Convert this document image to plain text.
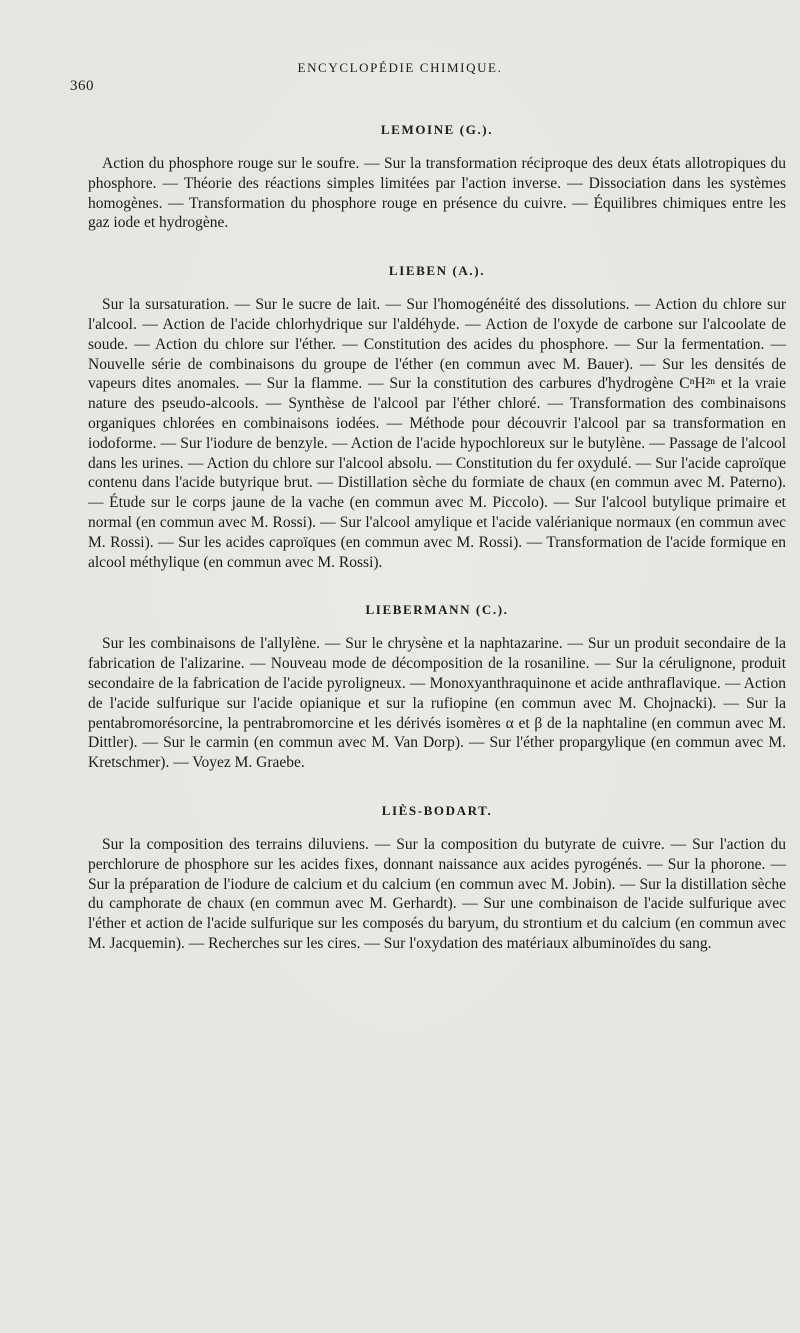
360
ENCYCLOPÉDIE CHIMIQUE.
LEMOINE (G.).

Action du phosphore rouge sur le soufre. — Sur la transformation réciproque des deux états allotropiques du phosphore. — Théorie des réactions simples limitées par l'action inverse. — Dissociation dans les systèmes homogènes. — Transformation du phosphore rouge en présence du cuivre. — Équilibres chimiques entre les gaz iode et hydrogène.

LIEBEN (A.).

Sur la sursaturation. — Sur le sucre de lait. — Sur l'homogénéité des dissolutions. — Action du chlore sur l'alcool. — Action de l'acide chlorhydrique sur l'aldéhyde. — Action de l'oxyde de carbone sur l'alcoolate de soude. — Action du chlore sur l'éther. — Constitution des acides du phosphore. — Sur la fermentation. — Nouvelle série de combinaisons du groupe de l'éther (en commun avec M. Bauer). — Sur les densités de vapeurs dites anomales. — Sur la flamme. — Sur la constitution des carbures d'hydrogène CⁿH²ⁿ et la vraie nature des pseudo-alcools. — Synthèse de l'alcool par l'éther chloré. — Transformation des combinaisons organiques chlorées en combinaisons iodées. — Méthode pour découvrir l'alcool par sa transformation en iodoforme. — Sur l'iodure de benzyle. — Action de l'acide hypochloreux sur le butylène. — Passage de l'alcool dans les urines. — Action du chlore sur l'alcool absolu. — Constitution du fer oxydulé. — Sur l'acide caproïque contenu dans l'acide butyrique brut. — Distillation sèche du formiate de chaux (en commun avec M. Paterno). — Étude sur le corps jaune de la vache (en commun avec M. Piccolo). — Sur l'alcool butylique primaire et normal (en commun avec M. Rossi). — Sur l'alcool amylique et l'acide valérianique normaux (en commun avec M. Rossi). — Sur les acides caproïques (en commun avec M. Rossi). — Transformation de l'acide formique en alcool méthylique (en commun avec M. Rossi).

LIEBERMANN (C.).

Sur les combinaisons de l'allylène. — Sur le chrysène et la naphtazarine. — Sur un produit secondaire de la fabrication de l'alizarine. — Nouveau mode de décomposition de la rosaniline. — Sur la cérulignone, produit secondaire de la fabrication de l'acide pyroligneux. — Monoxyanthraquinone et acide anthraflavique. — Action de l'acide sulfurique sur l'acide opianique et sur la rufiopine (en commun avec M. Chojnacki). — Sur la pentabromorésorcine, la pentrabromorcine et les dérivés isomères α et β de la naphtaline (en commun avec M. Dittler). — Sur le carmin (en commun avec M. Van Dorp). — Sur l'éther propargylique (en commun avec M. Kretschmer). — Voyez M. Graebe.

LIÈS-BODART.

Sur la composition des terrains diluviens. — Sur la composition du butyrate de cuivre. — Sur l'action du perchlorure de phosphore sur les acides fixes, donnant naissance aux acides pyrogénés. — Sur la phorone. — Sur la préparation de l'iodure de calcium et du calcium (en commun avec M. Jobin). — Sur la distillation sèche du camphorate de chaux (en commun avec M. Gerhardt). — Sur une combinaison de l'acide sulfurique avec l'éther et action de l'acide sulfurique sur les composés du baryum, du strontium et du calcium (en commun avec M. Jacquemin). — Recherches sur les cires. — Sur l'oxydation des matériaux albuminoïdes du sang.
